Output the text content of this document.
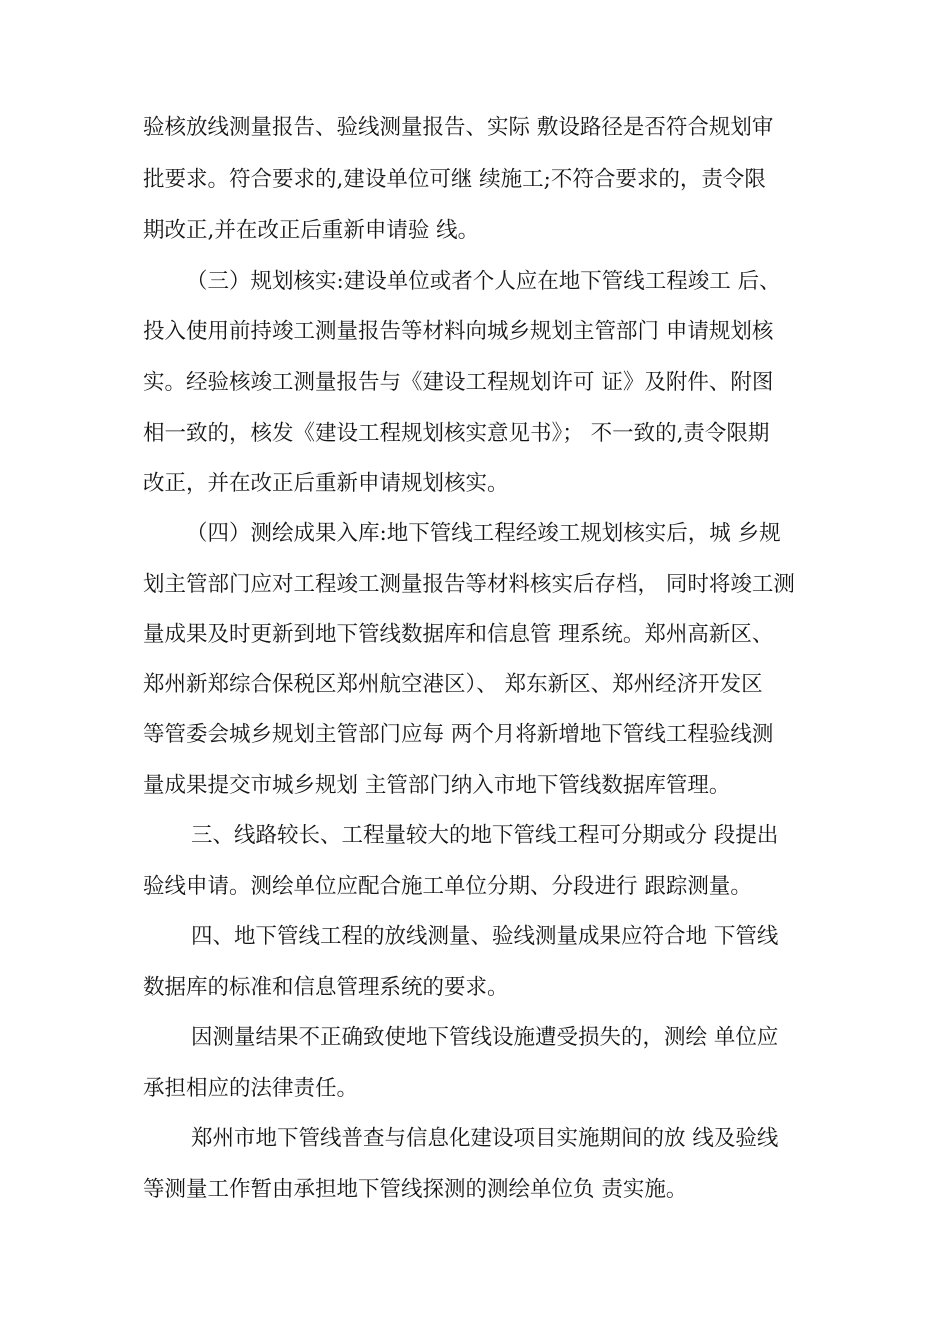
验核放线测量报告、验线测量报告、实际 敷设路径是否符合规划审
批要求。符合要求的,建设单位可继 续施工;不符合要求的，责令限
期改正,并在改正后重新申请验 线。
（三）规划核实:建设单位或者个人应在地下管线工程竣工 后、
投入使用前持竣工测量报告等材料向城乡规划主管部门 申请规划核
实。经验核竣工测量报告与《建设工程规划许可 证》及附件、附图
相一致的，核发《建设工程规划核实意见书》； 不一致的,责令限期
改正，并在改正后重新申请规划核实。
（四）测绘成果入库:地下管线工程经竣工规划核实后，城 乡规
划主管部门应对工程竣工测量报告等材料核实后存档， 同时将竣工测
量成果及时更新到地下管线数据库和信息管 理系统。郑州高新区、
郑州新郑综合保税区郑州航空港区）、 郑东新区、郑州经济开发区
等管委会城乡规划主管部门应每 两个月将新增地下管线工程验线测
量成果提交市城乡规划 主管部门纳入市地下管线数据库管理。
三、线路较长、工程量较大的地下管线工程可分期或分 段提出
验线申请。测绘单位应配合施工单位分期、分段进行 跟踪测量。
四、地下管线工程的放线测量、验线测量成果应符合地 下管线
数据库的标准和信息管理系统的要求。
因测量结果不正确致使地下管线设施遭受损失的，测绘 单位应
承担相应的法律责任。
郑州市地下管线普查与信息化建设项目实施期间的放 线及验线
等测量工作暂由承担地下管线探测的测绘单位负 责实施。
